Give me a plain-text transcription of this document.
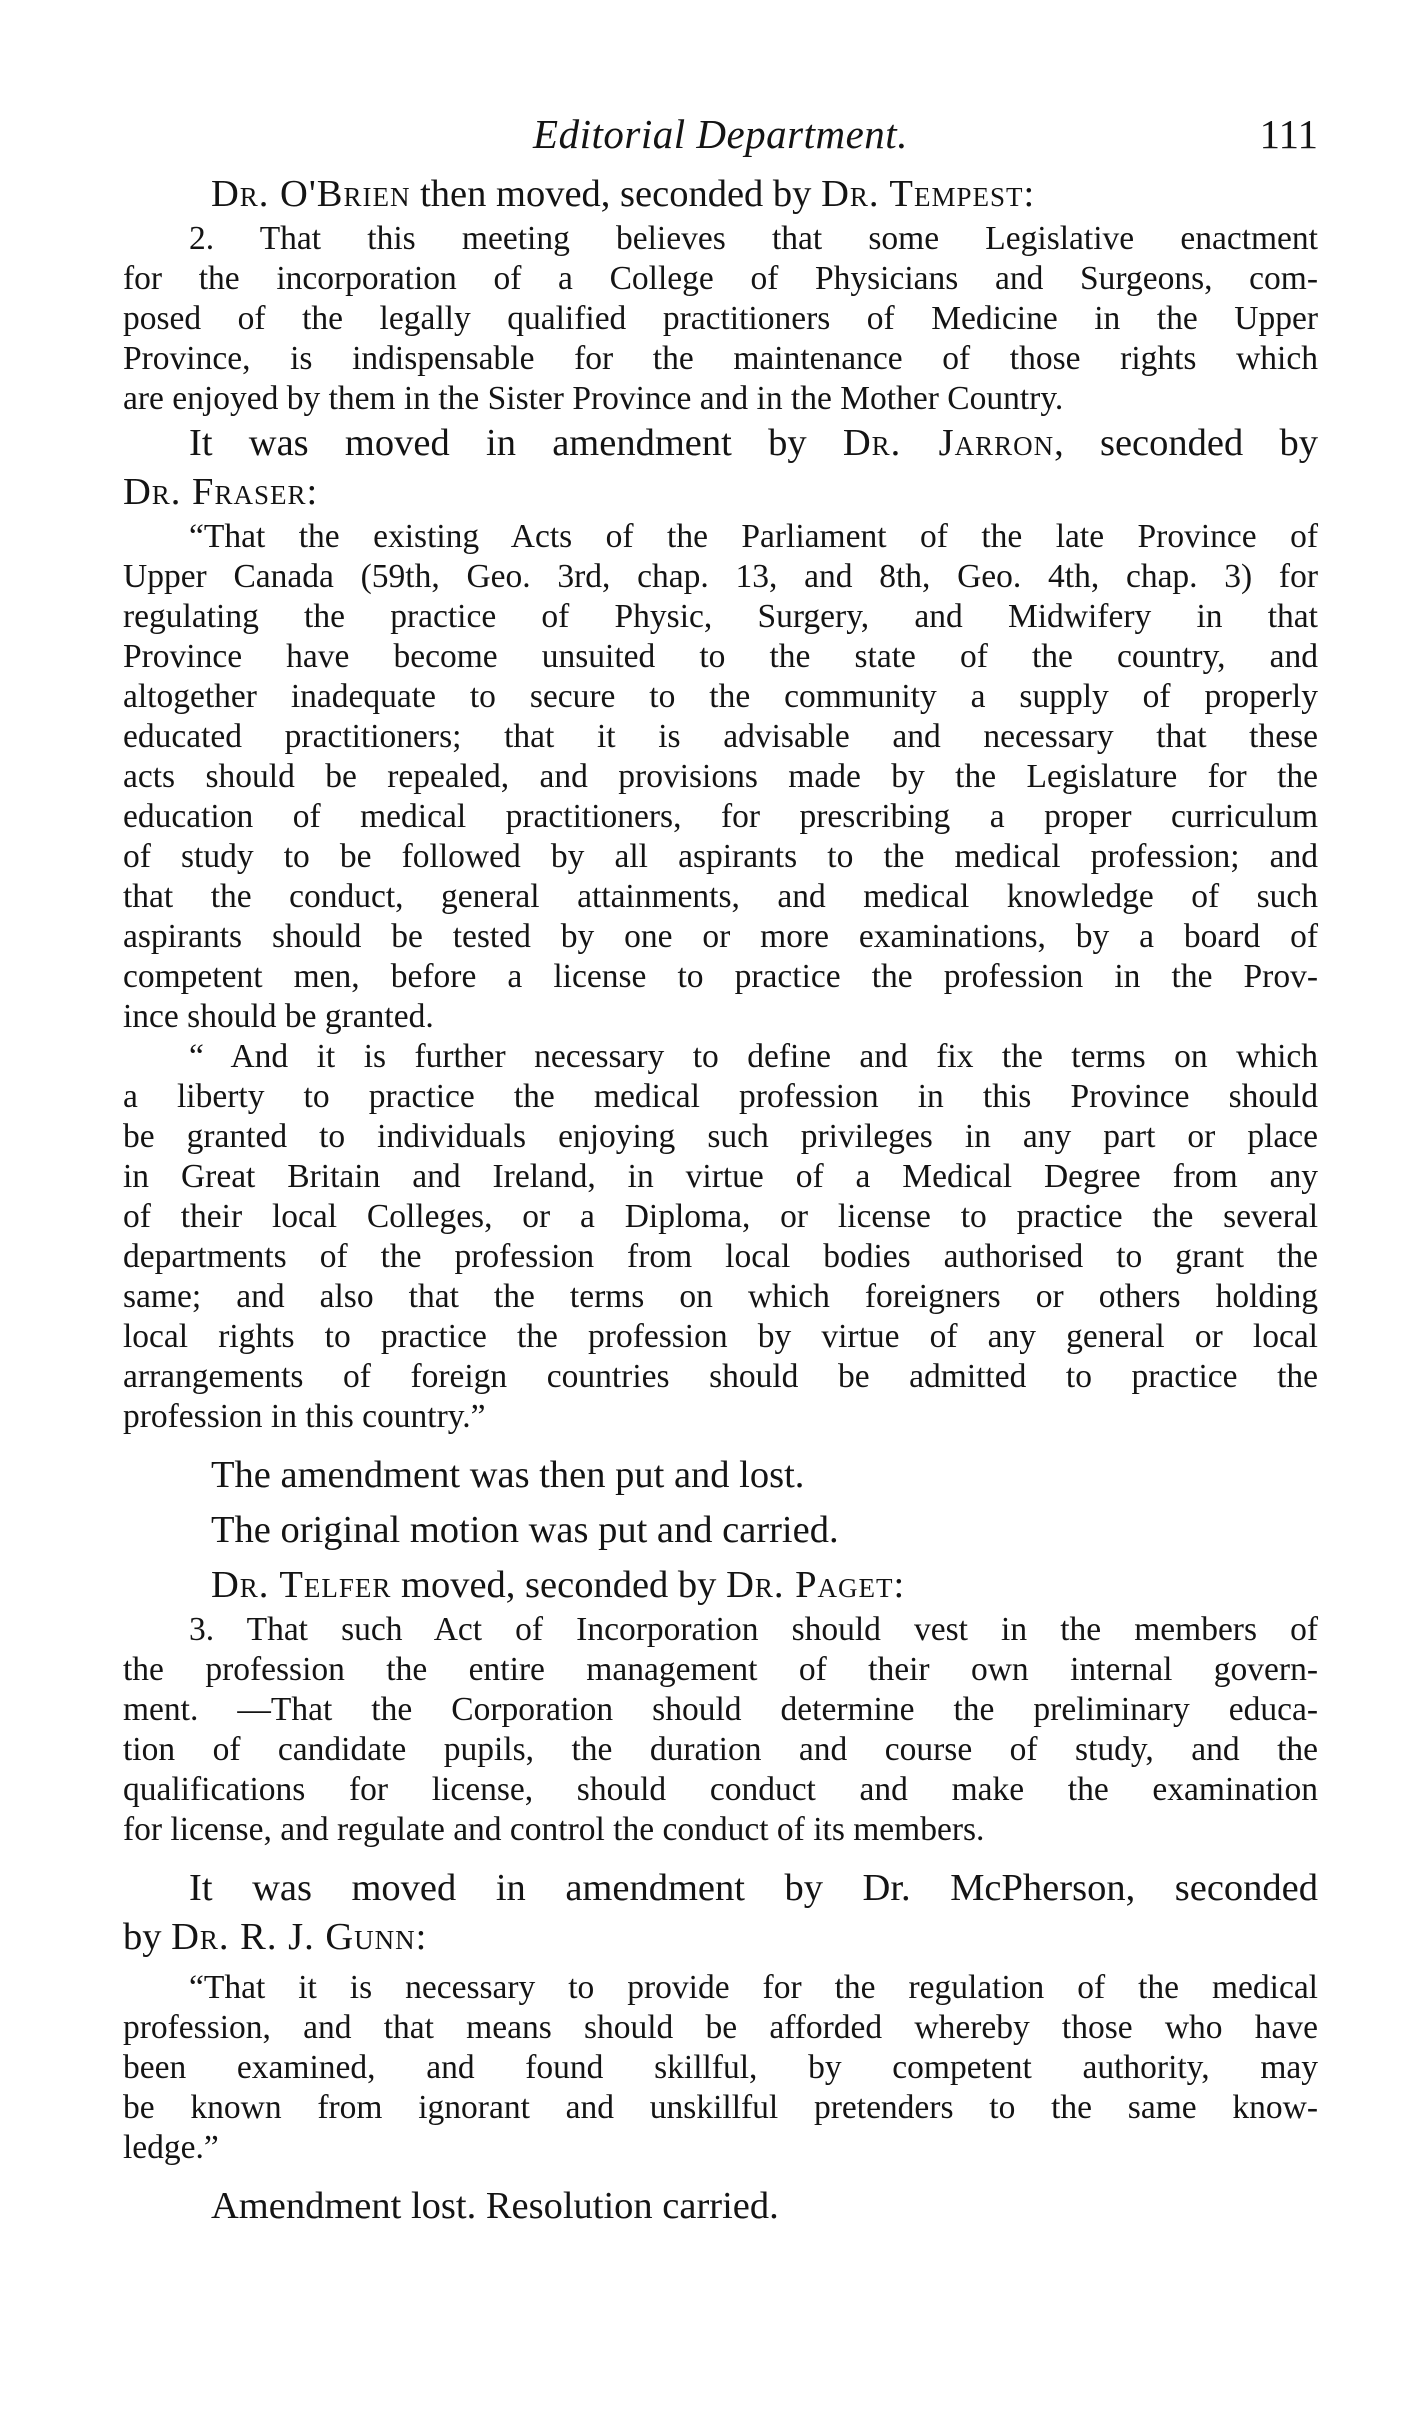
Editorial Department.	111
Dr. O'Brien then moved, seconded by Dr. Tempest:
2. That this meeting believes that some Legislative enactment
for the incorporation of a College of Physicians and Surgeons, com-
posed of the legally qualified practitioners of Medicine in the Upper
Province, is indispensable for the maintenance of those rights which
are enjoyed by them in the Sister Province and in the Mother Country.
It was moved in amendment by Dr. Jarron, seconded by
Dr. Fraser:
“That the existing Acts of the Parliament of the late Province of
Upper Canada (59th, Geo. 3rd, chap. 13, and 8th, Geo. 4th, chap. 3) for
regulating the practice of Physic, Surgery, and Midwifery in that
Province have become unsuited to the state of the country, and
altogether inadequate to secure to the community a supply of properly
educated practitioners; that it is advisable and necessary that these
acts should be repealed, and provisions made by the Legislature for the
education of medical practitioners, for prescribing a proper curriculum
of study to be followed by all aspirants to the medical profession; and
that the conduct, general attainments, and medical knowledge of such
aspirants should be tested by one or more examinations, by a board of
competent men, before a license to practice the profession in the Prov-
ince should be granted.
“ And it is further necessary to define and fix the terms on which
a liberty to practice the medical profession in this Province should
be granted to individuals enjoying such privileges in any part or place
in Great Britain and Ireland, in virtue of a Medical Degree from any
of their local Colleges, or a Diploma, or license to practice the several
departments of the profession from local bodies authorised to grant the
same; and also that the terms on which foreigners or others holding
local rights to practice the profession by virtue of any general or local
arrangements of foreign countries should be admitted to practice the
profession in this country.”
The amendment was then put and lost.
The original motion was put and carried.
Dr. Telfer moved, seconded by Dr. Paget:
3. That such Act of Incorporation should vest in the members of
the profession the entire management of their own internal govern-
ment. —That the Corporation should determine the preliminary educa-
tion of candidate pupils, the duration and course of study, and the
qualifications for license, should conduct and make the examination
for license, and regulate and control the conduct of its members.
It was moved in amendment by Dr. McPherson, seconded
by Dr. R. J. Gunn:
“That it is necessary to provide for the regulation of the medical
profession, and that means should be afforded whereby those who have
been examined, and found skillful, by competent authority, may
be known from ignorant and unskillful pretenders to the same know-
ledge.”
Amendment lost. Resolution carried.
